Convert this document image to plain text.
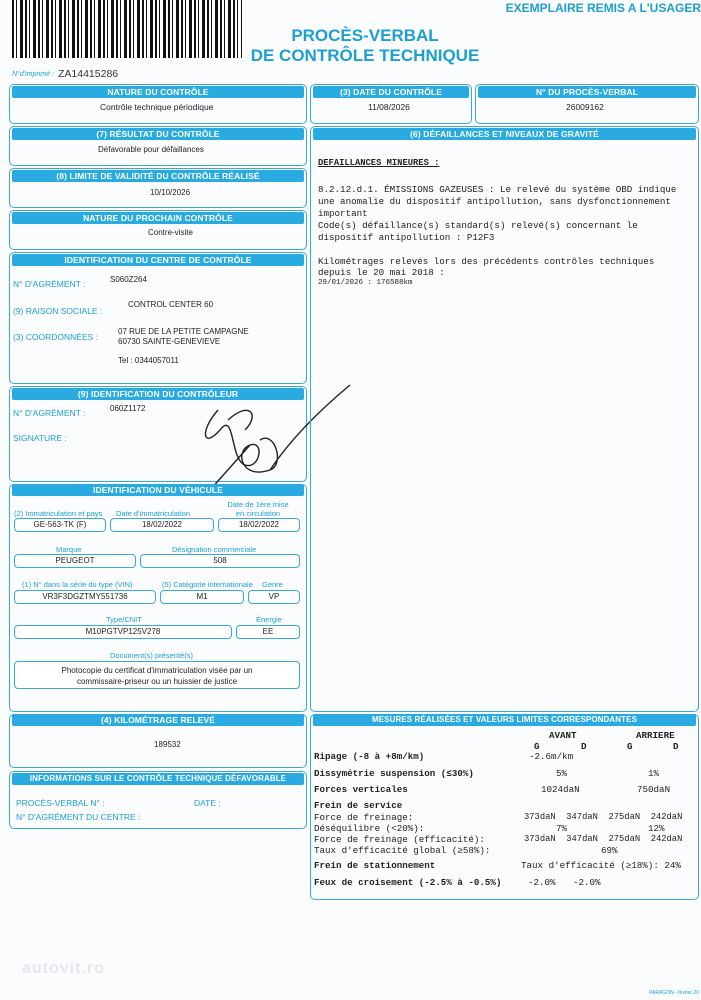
EXEMPLAIRE REMIS A L'USAGER
PROCÈS-VERBAL
DE CONTRÔLE TECHNIQUE
N°d'imprimé : ZA14415286
NATURE DU CONTRÔLE
Contrôle technique périodique
(3) DATE DU CONTRÔLE
11/08/2026
N° DU PROCÈS-VERBAL
26009162
(7) RÉSULTAT DU CONTRÔLE
Défavorable pour défaillances
(8) LIMITE DE VALIDITÉ DU CONTRÔLE RÉALISÉ
10/10/2026
NATURE DU PROCHAIN CONTRÔLE
Contre-visite
IDENTIFICATION DU CENTRE DE CONTRÔLE
N° D'AGRÉMENT :	S060Z264
(9) RAISON SOCIALE :
CONTROL CENTER 60
(3) COORDONNÉES :
07 RUE DE LA PETITE CAMPAGNE
60730 SAINTE-GENEVIEVE
Tel : 0344057011
(9) IDENTIFICATION DU CONTRÔLEUR
N° D'AGRÉMENT :	060Z1172
SIGNATURE :
IDENTIFICATION DU VÉHICULE
(2) Immatriculation et pays Date d'immatriculation
Date de 1ère mise en circulation
GE-563-TK (F)	18/02/2022	18/02/2022
Marque	Désignation commerciale
PEUGEOT	508
(1) N° dans la série du type (VIN)	(5) Catégorie internationale Genre
VR3F3DGZTMY551736	M1	VP
Type/CNIT	Énergie
M10PGTVP125V278	EE
Document(s) présenté(s)
Photocopie du certificat d'immatriculation visée par un
commissaire-priseur ou un huissier de justice
(4) KILOMÉTRAGE RELEVÉ
189532
INFORMATIONS SUR LE CONTRÔLE TECHNIQUE DÉFAVORABLE
PROCÈS-VERBAL N° :	DATE :
N° D'AGRÉMENT DU CENTRE :
(6) DÉFAILLANCES ET NIVEAUX DE GRAVITÉ
DEFAILLANCES MINEURES :
8.2.12.d.1. ÉMISSIONS GAZEUSES : Le relevé du système OBD indique
une anomalie du dispositif antipollution, sans dysfonctionnement
important
Code(s) défaillance(s) standard(s) relevé(s) concernant le
dispositif antipollution : P12F3
Kilométrages relevés lors des précédents contrôles techniques
depuis le 20 mai 2018 :
29/01/2026 : 176588km
MESURES RÉALISÉES ET VALEURS LIMITES CORRESPONDANTES
AVANT	ARRIERE
G	D	G	D
Ripage (-8 à +8m/km)	-2.6m/km
Dissymétrie suspension (≤30%)	5%	1%
Forces verticales	1024daN	750daN
Frein de service
Force de freinage:	373daN  347daN  275daN  242daN
Déséquilibre (<20%):	7%	12%
Force de freinage (efficacité):	373daN  347daN  275daN  242daN
Taux d'efficacité global (≥58%):	69%
Frein de stationnement	Taux d'efficacité (≥18%): 24%
Feux de croisement (-2.5% à -0.5%)	-2.0% -2.0%
autovit.ro
PARAGON - février 20
